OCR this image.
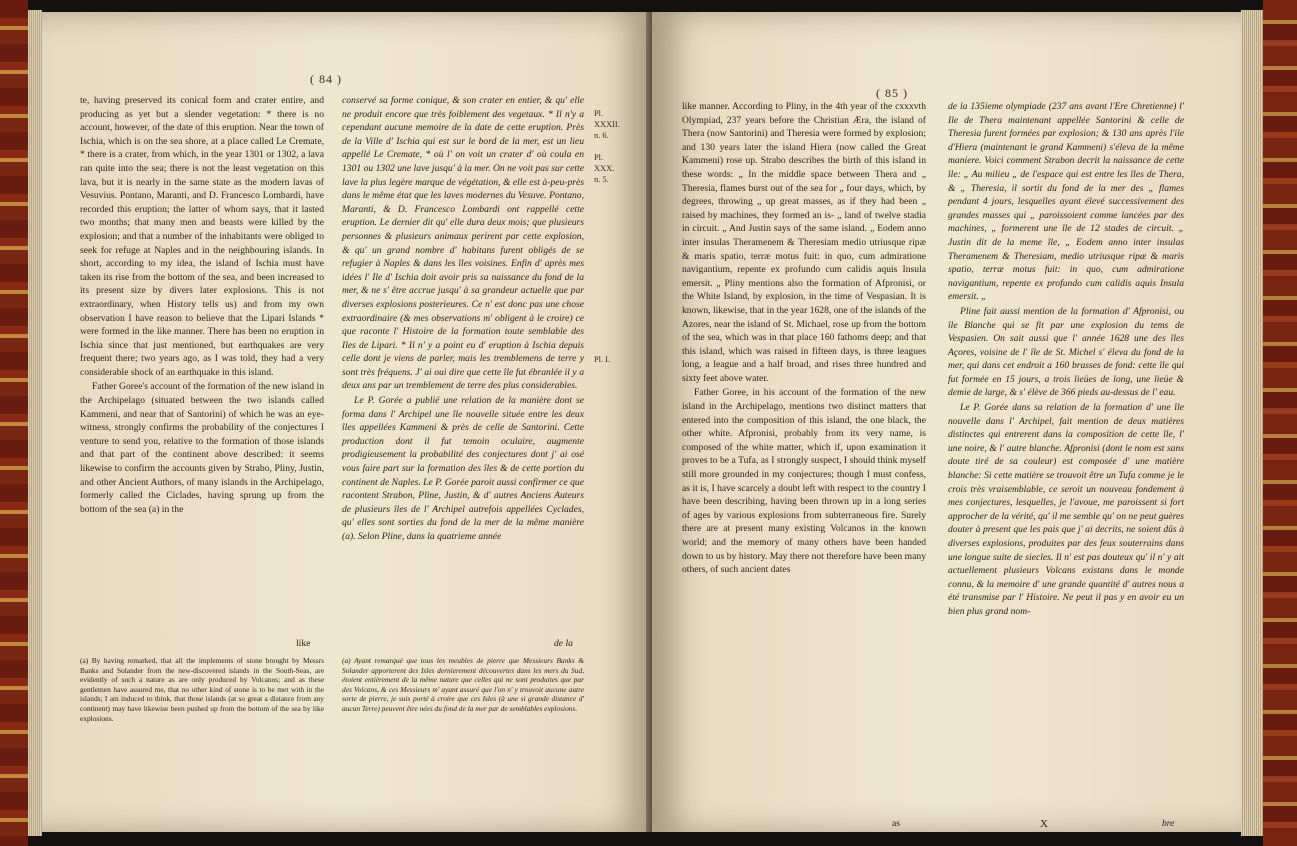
( 84 )

te, having preserved its conical form and crater entire, and producing as yet but a slender vegetation: * there is no account, however, of the date of this eruption. Near the town of Ischia, which is on the sea shore, at a place called Le Cremate, * there is a crater, from which, in the year 1301 or 1302, a lava ran quite into the sea; there is not the least vegetation on this lava, but it is nearly in the same state as the modern lavas of Vesuvius. Pontano, Maranti, and D. Francesco Lombardi, have recorded this eruption; the latter of whom says, that it lasted two months; that many men and beasts were killed by the explosion; and that a number of the inhabitants were obliged to seek for refuge at Naples and in the neighbouring islands. In short, according to my idea, the island of Ischia must have taken its rise from the bottom of the sea, and been increased to its present size by divers later explosions. This is not extraordinary, when History tells us) and from my own observation I have reason to believe that the Lipari Islands * were formed in the like manner. There has been no eruption in Ischia since that just mentioned, but earthquakes are very frequent there; two years ago, as I was told, they had a very considerable shock of an earthquake in this island.

Father Goree's account of the formation of the new island in the Archipelago (situated between the two islands called Kammeni, and near that of Santorini) of which he was an eye-witness, strongly confirms the probability of the conjectures I venture to send you, relative to the formation of those islands and that part of the continent above described: it seems likewise to confirm the accounts given by Strabo, Pliny, Justin, and other Ancient Authors, of many islands in the Archipelago, formerly called the Ciclades, having sprung up from the bottom of the sea (a) in the

like
(a) By having remarked, that all the implements of stone brought by Messrs Banks and Solander from the new-discovered islands in the South-Seas, are evidently of such a nature as are only produced by Volcanos; and as these gentlemen have assured me, that no other kind of stone is to be met with in the islands; I am induced to think, that those islands (at so great a distance from any continent) may have likewise been pushed up from the bottom of the sea by like explosions.

conservé sa forme conique, & son crater en entier, & qu' elle ne produit encore que très foiblement des vegetaux. * Il n'y a cependant aucune memoire de la date de cette eruption. Près de la Ville d' Ischia qui est sur le bord de la mer, est un lieu appellé Le Cremate, * où l' on voit un crater d' où coula en 1301 ou 1302 une lave jusqu' à la mer. On ne voit pas sur cette lave la plus legère marque de végétation, & elle est à-peu-près dans le même état que les laves modernes du Vesuve. Pontano, Maranti, & D. Francesco Lombardi ont rappellé cette eruption. Le dernier dit qu' elle dura deux mois; que plusieurs personnes & plusieurs animaux perirent par cette explosion, & qu' un grand nombre d' habitans furent obligés de se refugier à Naples & dans les îles voisines. Enfin d' après mes idées l' Ile d' Ischia doit avoir pris sa naissance du fond de la mer, & ne s' être accrue jusqu' à sa grandeur actuelle que par diverses explosions posterieures. Ce n' est donc pas une chose extraordinaire (& mes observations m' obligent à le croire) ce que raconte l' Histoire de la formation toute semblable des Iles de Lipari. * Il n' y a point eu d' eruption à Ischia depuis celle dont je viens de parler, mais les tremblemens de terre y sont très fréquens. J' ai oui dire que cette île fut ébranlée il y a deux ans par un tremblement de terre des plus considerables.

Le P. Gorée a publié une relation de la manière dont se forma dans l' Archipel une île nouvelle située entre les deux îles appellées Kammeni & près de celle de Santorini. Cette production dont il fut temoin oculaire, augmente prodigieusement la probabilité des conjectures dont j' ai osé vous faire part sur la formation des îles & de cette portion du continent de Naples. Le P. Gorée paroit aussi confirmer ce que racontent Strabon, Pline, Justin, & d' autres Anciens Auteurs de plusieurs îles de l' Archipel autrefois appellées Cyclades, qu' elles sont sorties du fond de la mer de la même manière (a). Selon Pline, dans la quatrieme année

de la
(a) Ayant remarqué que tous les meubles de pierre que Messieurs Banks & Solander apporterent des Isles dernierement découvertes dans les mers du Sud, étoient entièrement de la même nature que celles qui ne sont produites que par des Volcans, & ces Messieurs m' ayant assuré que l'on n' y trouvoit aucune autre sorte de pierre, je suis porté à croire que ces Isles (à une si grande distance d' aucun Terre) peuvent être nées du fond de la mer par de semblables explosions.
Pl.
XXXII.
n. 6.
Pl.
XXX.
n. 5.
Pl. I.
( 85 )

like manner. According to Pliny, in the 4th year of the cxxxvth Olympiad, 237 years before the Christian Æra, the island of Thera (now Santorini) and Theresia were formed by explosion; and 130 years later the island Hiera (now called the Great Kammeni) rose up. Strabo describes the birth of this island in these words: „ In the middle space between Thera and „ Theresia, flames burst out of the sea for „ four days, which, by degrees, throwing „ up great masses, as if they had been „ raised by machines, they formed an is- „ land of twelve stadia in circuit. „ And Justin says of the same island. „ Eodem anno inter insulas Theramenem & Theresiam medio utriusque ripæ & maris spatio, terræ motus fuit: in quo, cum admiratione navigantium, repente ex profundo cum calidis aquis Insula emersit. „ Pliny mentions also the formation of Afpronisi, or the White Island, by explosion, in the time of Vespasian. It is known, likewise, that in the year 1628, one of the islands of the Azores, near the island of St. Michael, rose up from the bottom of the sea, which was in that place 160 fathoms deep; and that this island, which was raised in fifteen days, is three leagues long, a league and a half broad, and rises three hundred and sixty feet above water.

Father Goree, in his account of the formation of the new island in the Archipelago, mentions two distinct matters that entered into the composition of this island, the one black, the other white. Afpronisi, probably from its very name, is composed of the white matter, which if, upon examination it proves to be a Tufa, as I strongly suspect, I should think myself still more grounded in my conjectures; though I must confess, as it is, I have scarcely a doubt left with respect to the country I have been describing, having been thrown up in a long series of ages by various explosions from subterraneous fire. Surely there are at present many existing Volcanos in the known world; and the memory of many others have been handed down to us by history. May there not therefore have been many others, of such ancient dates

as

de la 135ieme olympiade (237 ans avant l'Ere Chretienne) l' Ile de Thera maintenant appellée Santorini & celle de Theresia furent formées par explosion; & 130 ans après l'ile d'Hiera (maintenant le grand Kammeni) s'éleva de la même maniere. Voici comment Strabon decrit la naissance de cette île: „ Au milieu „ de l'espace qui est entre les îles de Thera, & „ Theresia, il sortit du fond de la mer des „ flames pendant 4 jours, lesquelles ayant élevé successivement des grandes masses qui „ paroissoient comme lancées par des machines, „ formerent une île de 12 stades de circuit. „ Justin dit de la meme île, „ Eodem anno inter insulas Theramenem & Theresiam, medio utriusque ripæ & maris spatio, terræ motus fuit: in quo, cum admiratione navigantium, repente ex profundo cum calidis aquis Insula emersit. „

Pline fait aussi mention de la formation d' Afpronisi, ou île Blanche qui se fit par une explosion du tems de Vespasien. On sait aussi que l' année 1628 une des îles Açores, voisine de l' île de St. Michel s' éleva du fond de la mer, qui dans cet endroit a 160 brasses de fond: cette île qui fut formée en 15 jours, a trois lieües de long, une lieüe & demie de large, & s' élève de 366 pieds au-dessus de l' eau.

Le P. Gorée dans sa relation de la formation d' une île nouvelle dans l' Archipel, fait mention de deux matières distinctes qui entrerent dans la composition de cette île, l' une noire, & l' autre blanche. Afpronisi (dont le nom est sans doute tiré de sa couleur) est composée d' une matière blanche: Si cette matière se trouvoit être un Tufa comme je le crois très vraisemblable, ce seroit un nouveau fondement à mes conjectures, lesquelles, je l'avoue, me paroissent si fort approcher de la vérité, qu' il me semble qu' on ne peut guères douter à present que les pais que j' ai decrits, ne soient dûs à diverses explosions, produites par des feux souterrains dans une longue suite de siecles. Il n' est pas douteux qu' il n' y ait actuellement plusieurs Volcans existans dans le monde connu, & la memoire d' une grande quantité d' autres nous a été transmise par l' Histoire. Ne peut il pas y en avoir eu un bien plus grand nom-

X	bre
